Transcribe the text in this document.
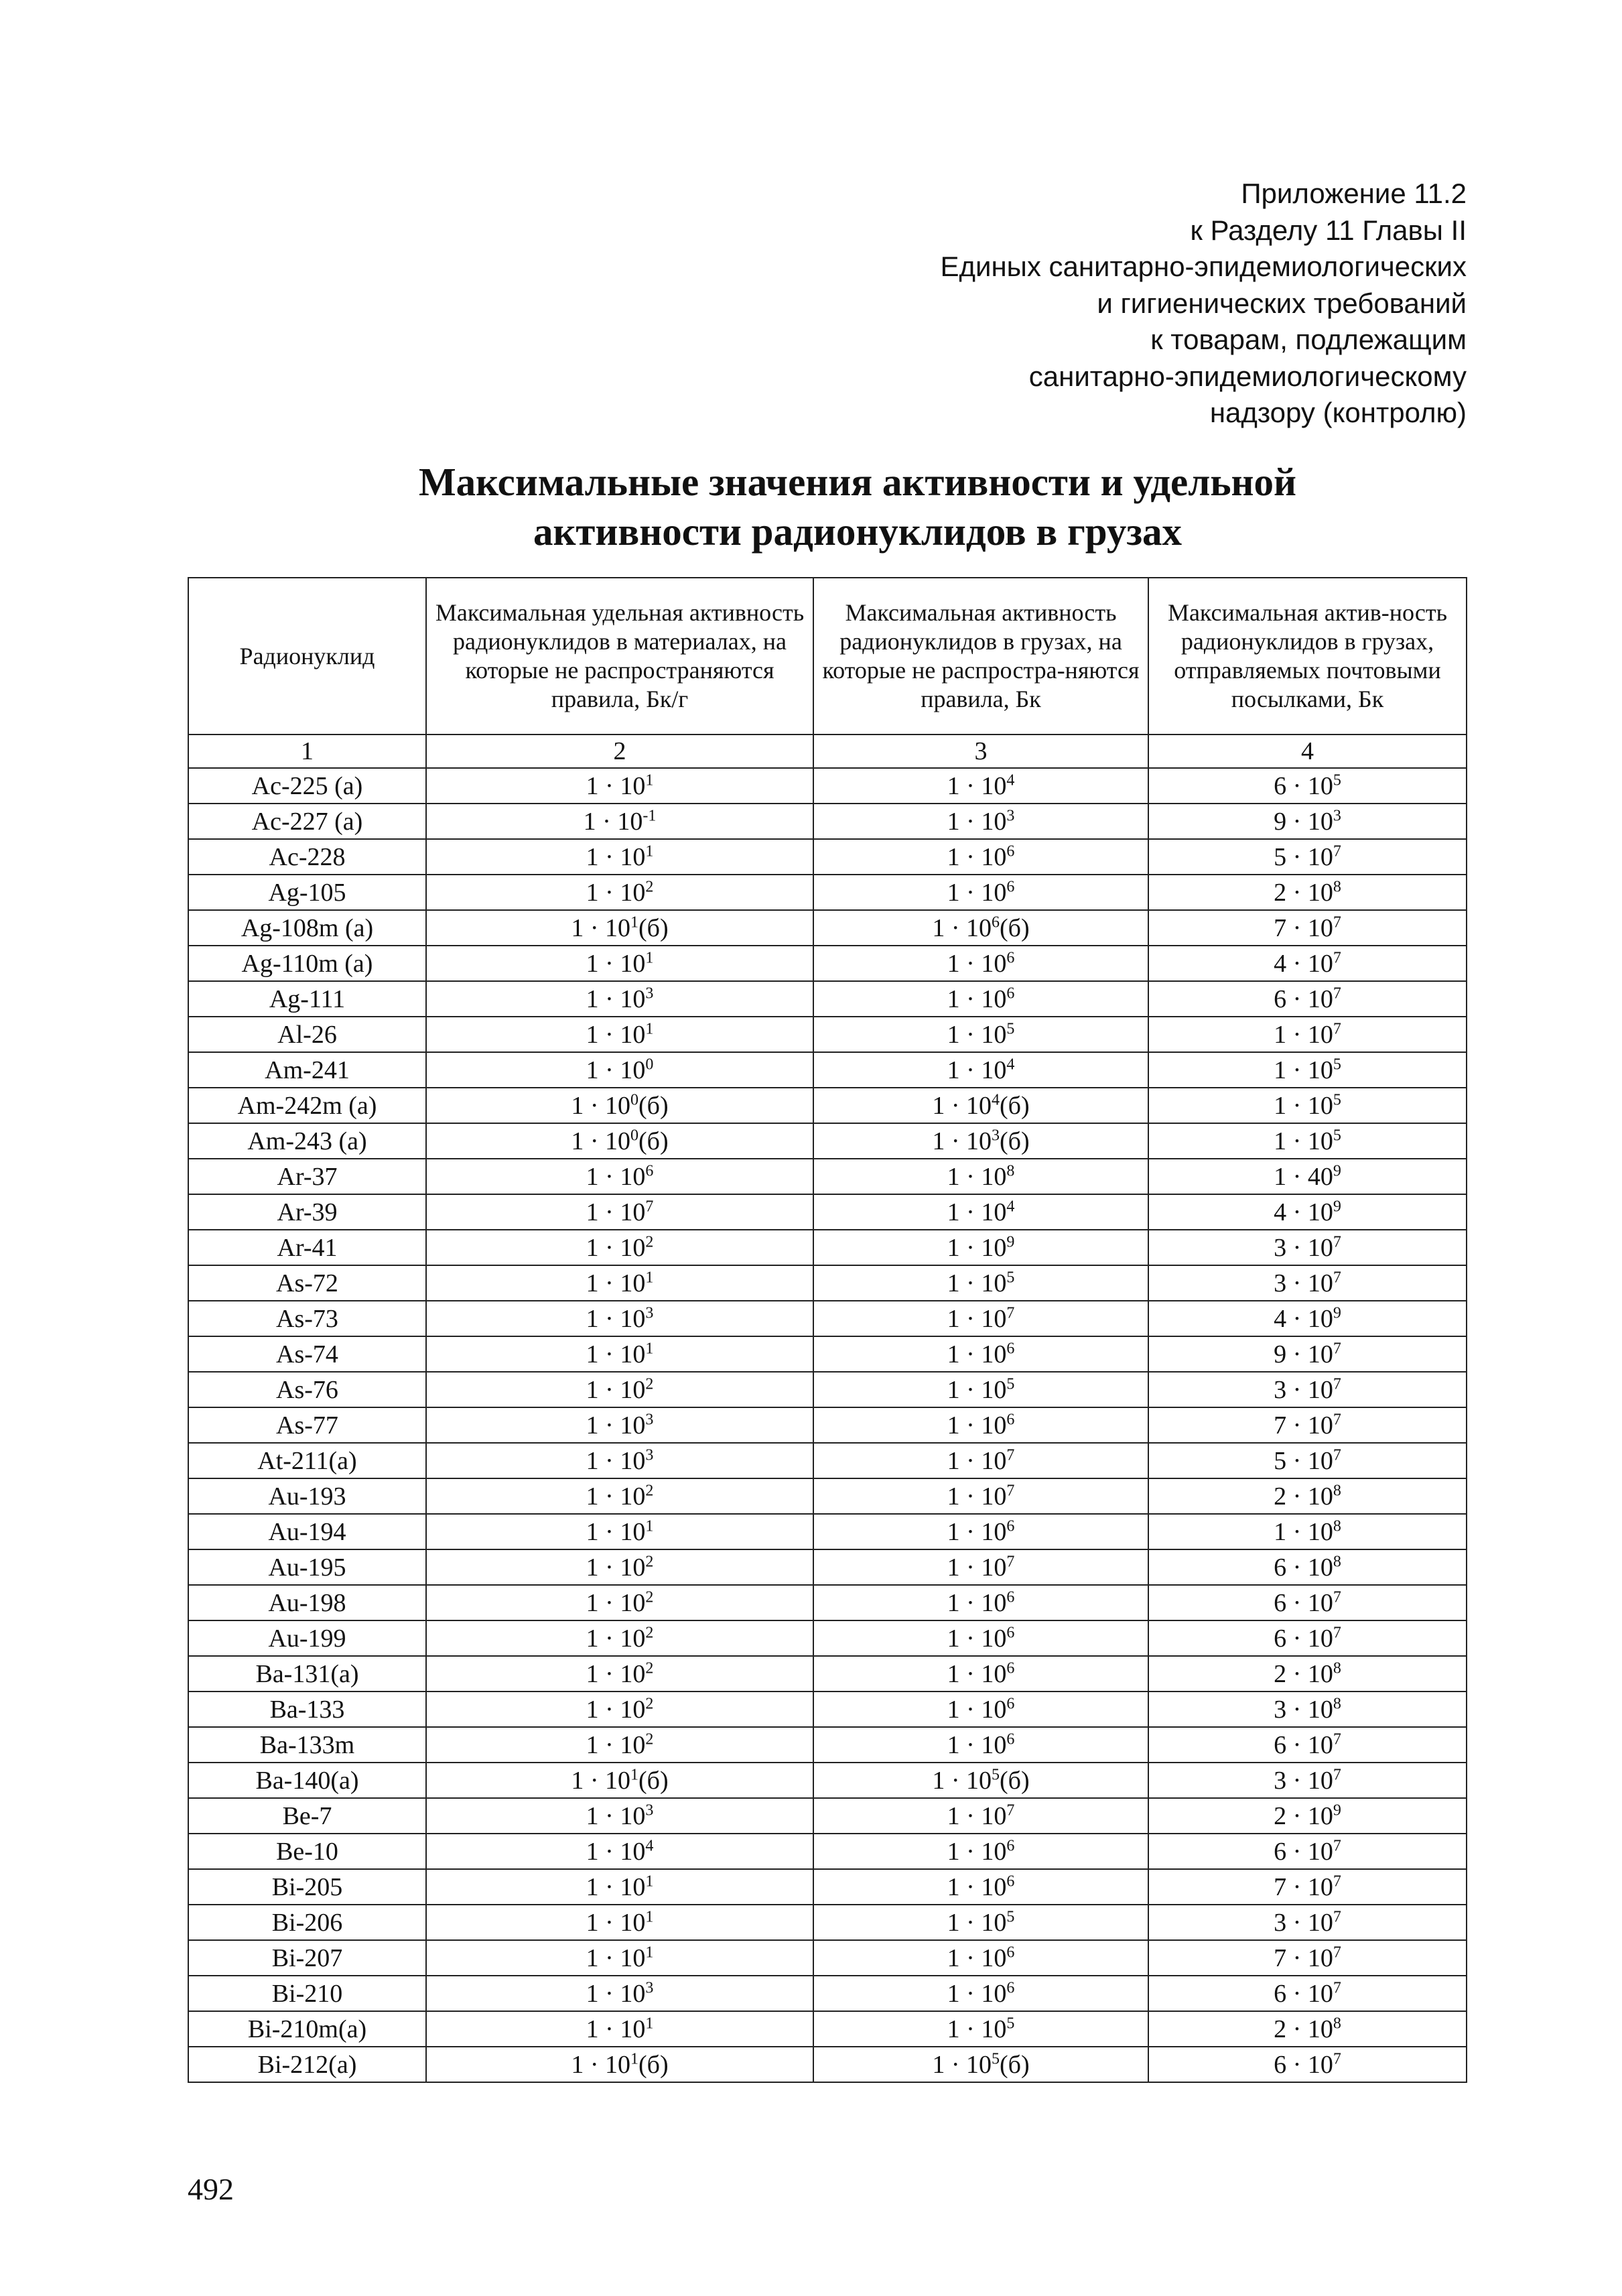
Приложение 11.2
к Разделу 11 Главы II
Единых санитарно-эпидемиологических
и гигиенических требований
к товарам, подлежащим
санитарно-эпидемиологическому
надзору (контролю)
Максимальные значения активности и удельной
активности радионуклидов в грузах
Радионуклид	Максимальная удельная активность радионуклидов в материалах, на которые не распространяются правила, Бк/г	Максимальная активность радионуклидов в грузах, на которые не распростра-няются правила, Бк	Максимальная актив-ность радионуклидов в грузах, отправляемых почтовыми посылками, Бк
1	2	3	4
Ac-225 (a)	$1 \cdot 10^1$	$1 \cdot 10^4$	$6 \cdot 10^5$
Ac-227 (a)	$1 \cdot 10^{-1}$	$1 \cdot 10^3$	$9 \cdot 10^3$
Ac-228	$1 \cdot 10^1$	$1 \cdot 10^6$	$5 \cdot 10^7$
Ag-105	$1 \cdot 10^2$	$1 \cdot 10^6$	$2 \cdot 10^8$
Ag-108m (a)	$1 \cdot 10^1(б)$	$1 \cdot 10^6(б)$	$7 \cdot 10^7$
Ag-110m (a)	$1 \cdot 10^1$	$1 \cdot 10^6$	$4 \cdot 10^7$
Ag-111	$1 \cdot 10^3$	$1 \cdot 10^6$	$6 \cdot 10^7$
Al-26	$1 \cdot 10^1$	$1 \cdot 10^5$	$1 \cdot 10^7$
Am-241	$1 \cdot 10^0$	$1 \cdot 10^4$	$1 \cdot 10^5$
Am-242m (a)	$1 \cdot 10^0(б)$	$1 \cdot 10^4(б)$	$1 \cdot 10^5$
Am-243 (a)	$1 \cdot 10^0(б)$	$1 \cdot 10^3(б)$	$1 \cdot 10^5$
Ar-37	$1 \cdot 10^6$	$1 \cdot 10^8$	$1 \cdot 40^9$
Ar-39	$1 \cdot 10^7$	$1 \cdot 10^4$	$4 \cdot 10^9$
Ar-41	$1 \cdot 10^2$	$1 \cdot 10^9$	$3 \cdot 10^7$
As-72	$1 \cdot 10^1$	$1 \cdot 10^5$	$3 \cdot 10^7$
As-73	$1 \cdot 10^3$	$1 \cdot 10^7$	$4 \cdot 10^9$
As-74	$1 \cdot 10^1$	$1 \cdot 10^6$	$9 \cdot 10^7$
As-76	$1 \cdot 10^2$	$1 \cdot 10^5$	$3 \cdot 10^7$
As-77	$1 \cdot 10^3$	$1 \cdot 10^6$	$7 \cdot 10^7$
At-211(a)	$1 \cdot 10^3$	$1 \cdot 10^7$	$5 \cdot 10^7$
Au-193	$1 \cdot 10^2$	$1 \cdot 10^7$	$2 \cdot 10^8$
Au-194	$1 \cdot 10^1$	$1 \cdot 10^6$	$1 \cdot 10^8$
Au-195	$1 \cdot 10^2$	$1 \cdot 10^7$	$6 \cdot 10^8$
Au-198	$1 \cdot 10^2$	$1 \cdot 10^6$	$6 \cdot 10^7$
Au-199	$1 \cdot 10^2$	$1 \cdot 10^6$	$6 \cdot 10^7$
Ba-131(a)	$1 \cdot 10^2$	$1 \cdot 10^6$	$2 \cdot 10^8$
Ba-133	$1 \cdot 10^2$	$1 \cdot 10^6$	$3 \cdot 10^8$
Ba-133m	$1 \cdot 10^2$	$1 \cdot 10^6$	$6 \cdot 10^7$
Ba-140(a)	$1 \cdot 10^1(б)$	$1 \cdot 10^5(б)$	$3 \cdot 10^7$
Be-7	$1 \cdot 10^3$	$1 \cdot 10^7$	$2 \cdot 10^9$
Be-10	$1 \cdot 10^4$	$1 \cdot 10^6$	$6 \cdot 10^7$
Bi-205	$1 \cdot 10^1$	$1 \cdot 10^6$	$7 \cdot 10^7$
Bi-206	$1 \cdot 10^1$	$1 \cdot 10^5$	$3 \cdot 10^7$
Bi-207	$1 \cdot 10^1$	$1 \cdot 10^6$	$7 \cdot 10^7$
Bi-210	$1 \cdot 10^3$	$1 \cdot 10^6$	$6 \cdot 10^7$
Bi-210m(a)	$1 \cdot 10^1$	$1 \cdot 10^5$	$2 \cdot 10^8$
Bi-212(a)	$1 \cdot 10^1(б)$	$1 \cdot 10^5(б)$	$6 \cdot 10^7$
492
